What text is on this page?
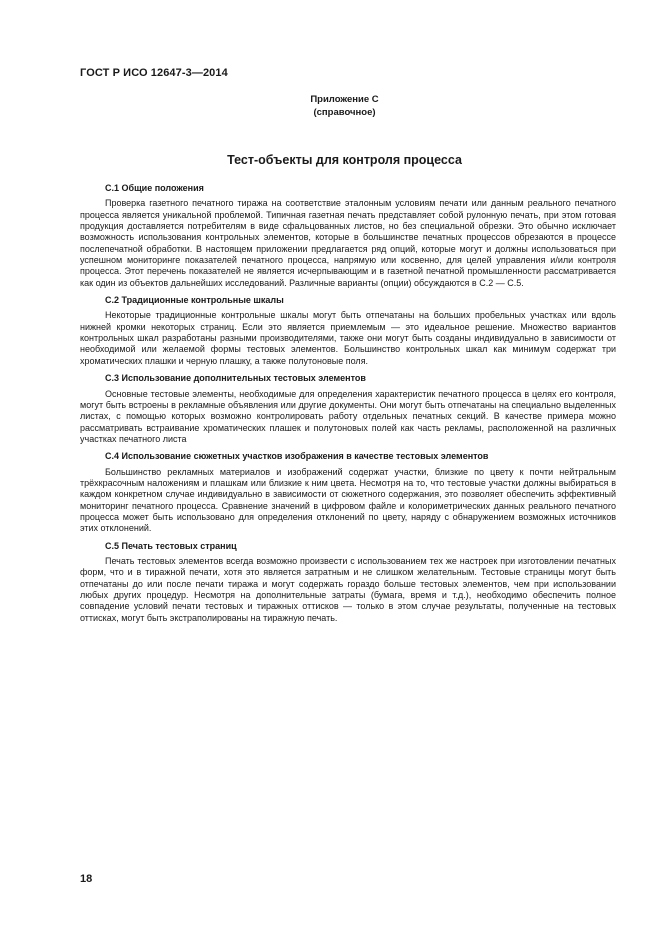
ГОСТ Р ИСО 12647-3—2014
Приложение С
(справочное)
Тест-объекты для контроля процесса

С.1 Общие положения

Проверка газетного печатного тиража на соответствие эталонным условиям печати или данным реального печатного процесса является уникальной проблемой. Типичная газетная печать представляет собой рулонную печать, при этом готовая продукция доставляется потребителям в виде сфальцованных листов, но без специальной обрезки. Это обычно исключает возможность использования контрольных элементов, которые в большинстве печатных процессов обрезаются в процессе послепечатной обработки. В настоящем приложении предлагается ряд опций, которые могут и должны использоваться при успешном мониторинге показателей печатного процесса, напрямую или косвенно, для целей управления и/или контроля процесса. Этот перечень показателей не является исчерпывающим и в газетной печатной промышленности рассматривается как один из объектов дальнейших исследований. Различные варианты (опции) обсуждаются в С.2 — С.5.

С.2 Традиционные контрольные шкалы

Некоторые традиционные контрольные шкалы могут быть отпечатаны на больших пробельных участках или вдоль нижней кромки некоторых страниц. Если это является приемлемым — это идеальное решение. Множество вариантов контрольных шкал разработаны разными производителями, также они могут быть созданы индивидуально в зависимости от необходимой или желаемой формы тестовых элементов. Большинство контрольных шкал как минимум содержат три хроматических плашки и черную плашку, а также полутоновые поля.

С.3 Использование дополнительных тестовых элементов

Основные тестовые элементы, необходимые для определения характеристик печатного процесса в целях его контроля, могут быть встроены в рекламные объявления или другие документы. Они могут быть отпечатаны на специально выделенных листах, с помощью которых возможно контролировать работу отдельных печатных секций. В качестве примера можно рассматривать встраивание хроматических плашек и полутоновых полей как часть рекламы, расположенной на различных участках печатного листа

С.4 Использование сюжетных участков изображения в качестве тестовых элементов

Большинство рекламных материалов и изображений содержат участки, близкие по цвету к почти нейтральным трёхкрасочным наложениям и плашкам или близкие к ним цвета. Несмотря на то, что тестовые участки должны выбираться в каждом конкретном случае индивидуально в зависимости от сюжетного содержания, это позволяет обеспечить эффективный мониторинг печатного процесса. Сравнение значений в цифровом файле и колориметрических данных реального печатного процесса может быть использовано для определения отклонений по цвету, наряду с обнаружением возможных источников этих отклонений.

С.5 Печать тестовых страниц

Печать тестовых элементов всегда возможно произвести с использованием тех же настроек при изготовлении печатных форм, что и в тиражной печати, хотя это является затратным и не слишком желательным. Тестовые страницы могут быть отпечатаны до или после печати тиража и могут содержать гораздо больше тестовых элементов, чем при использовании любых других процедур. Несмотря на дополнительные затраты (бумага, время и т.д.), необходимо обеспечить полное совпадение условий печати тестовых и тиражных оттисков — только в этом случае результаты, полученные на тестовых оттисках, могут быть экстраполированы на тиражную печать.

18
